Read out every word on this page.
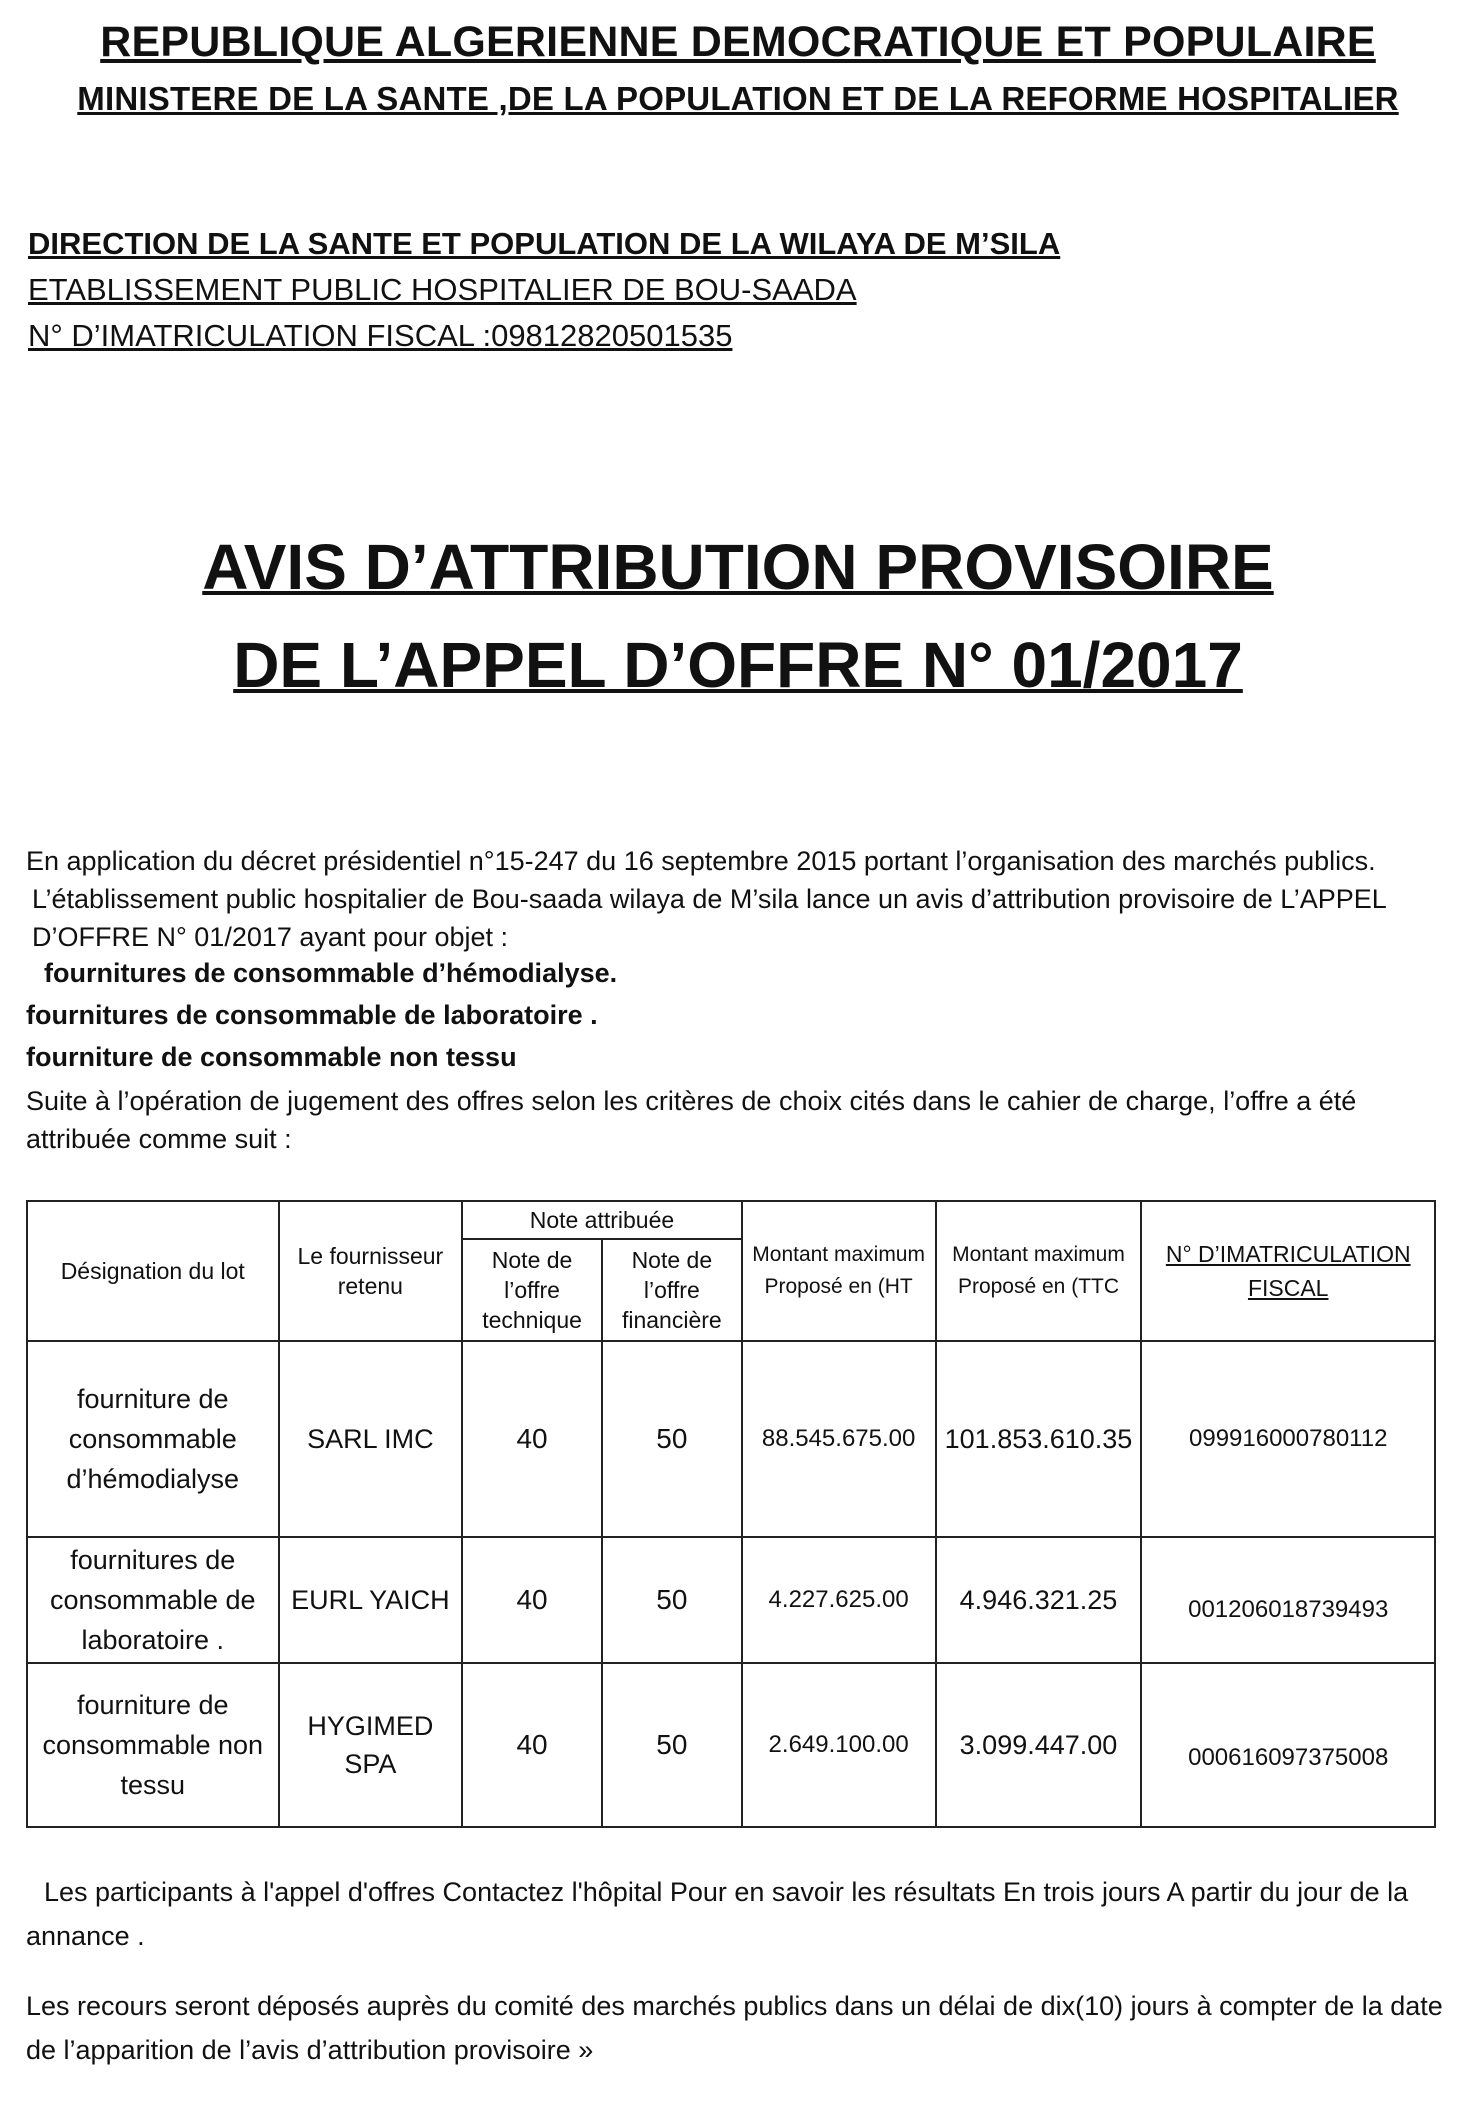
REPUBLIQUE ALGERIENNE DEMOCRATIQUE ET POPULAIRE
MINISTERE DE LA SANTE ,DE LA POPULATION ET DE LA REFORME HOSPITALIER
DIRECTION DE LA SANTE ET POPULATION DE LA WILAYA DE M’SILA
ETABLISSEMENT PUBLIC HOSPITALIER DE BOU-SAADA
N° D’IMATRICULATION FISCAL :09812820501535
AVIS D’ATTRIBUTION PROVISOIRE
DE L’APPEL D’OFFRE N° 01/2017
En application du décret présidentiel n°15-247 du 16 septembre 2015 portant l’organisation des marchés publics.
L’établissement public hospitalier de Bou-saada wilaya de M’sila lance un avis d’attribution provisoire de L’APPEL D’OFFRE N° 01/2017 ayant pour objet :
fournitures de consommable d’hémodialyse.
fournitures de consommable de laboratoire .
fourniture de consommable non tessu
Suite à l’opération de jugement des offres selon les critères de choix cités dans le cahier de charge, l’offre a été attribuée comme suit :
Désignation du lot	Le fournisseur retenu	Note attribuée		Montant maximum Proposé en (HT	Montant maximum Proposé en (TTC	N° D’IMATRICULATION FISCAL
		Note de l’offre technique	Note de l’offre financière			
fourniture de consommable d’hémodialyse	SARL IMC	40	50	88.545.675.00	101.853.610.35	099916000780112
fournitures de consommable de laboratoire .	EURL YAICH	40	50	4.227.625.00	4.946.321.25	001206018739493
fourniture de consommable non tessu	HYGIMED SPA	40	50	2.649.100.00	3.099.447.00	000616097375008
Les participants à l'appel d'offres Contactez l'hôpital Pour en savoir les résultats En trois jours A partir du jour de la annance .
Les recours seront déposés auprès du comité des marchés publics dans un délai de dix(10) jours à compter de la date de l’apparition de l’avis d’attribution provisoire »
